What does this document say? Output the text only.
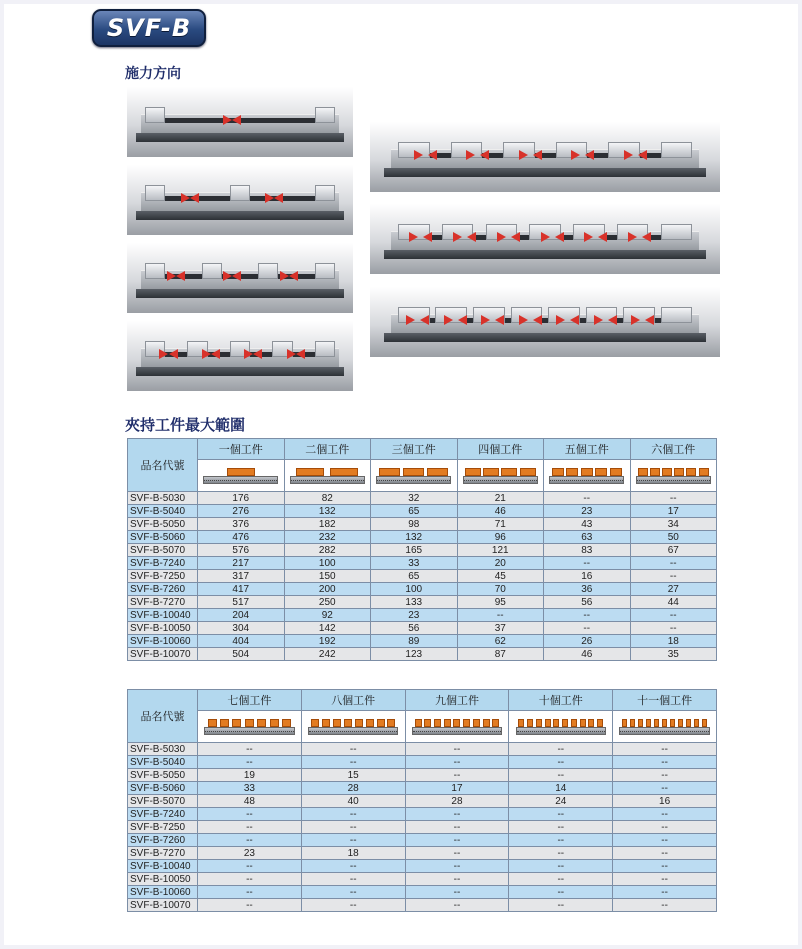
SVF-B
施力方向
夾持工件最大範圍
品名代號	一個工件	二個工件	三個工件	四個工件	五個工件	六個工件

SVF-B-5030	176	82	32	21	--	--
SVF-B-5040	276	132	65	46	23	17
SVF-B-5050	376	182	98	71	43	34
SVF-B-5060	476	232	132	96	63	50
SVF-B-5070	576	282	165	121	83	67
SVF-B-7240	217	100	33	20	--	--
SVF-B-7250	317	150	65	45	16	--
SVF-B-7260	417	200	100	70	36	27
SVF-B-7270	517	250	133	95	56	44
SVF-B-10040	204	92	23	--	--	--
SVF-B-10050	304	142	56	37	--	--
SVF-B-10060	404	192	89	62	26	18
SVF-B-10070	504	242	123	87	46	35
品名代號	七個工件	八個工件	九個工件	十個工件	十一個工件

SVF-B-5030	--	--	--	--	--
SVF-B-5040	--	--	--	--	--
SVF-B-5050	19	15	--	--	--
SVF-B-5060	33	28	17	14	--
SVF-B-5070	48	40	28	24	16
SVF-B-7240	--	--	--	--	--
SVF-B-7250	--	--	--	--	--
SVF-B-7260	--	--	--	--	--
SVF-B-7270	23	18	--	--	--
SVF-B-10040	--	--	--	--	--
SVF-B-10050	--	--	--	--	--
SVF-B-10060	--	--	--	--	--
SVF-B-10070	--	--	--	--	--
